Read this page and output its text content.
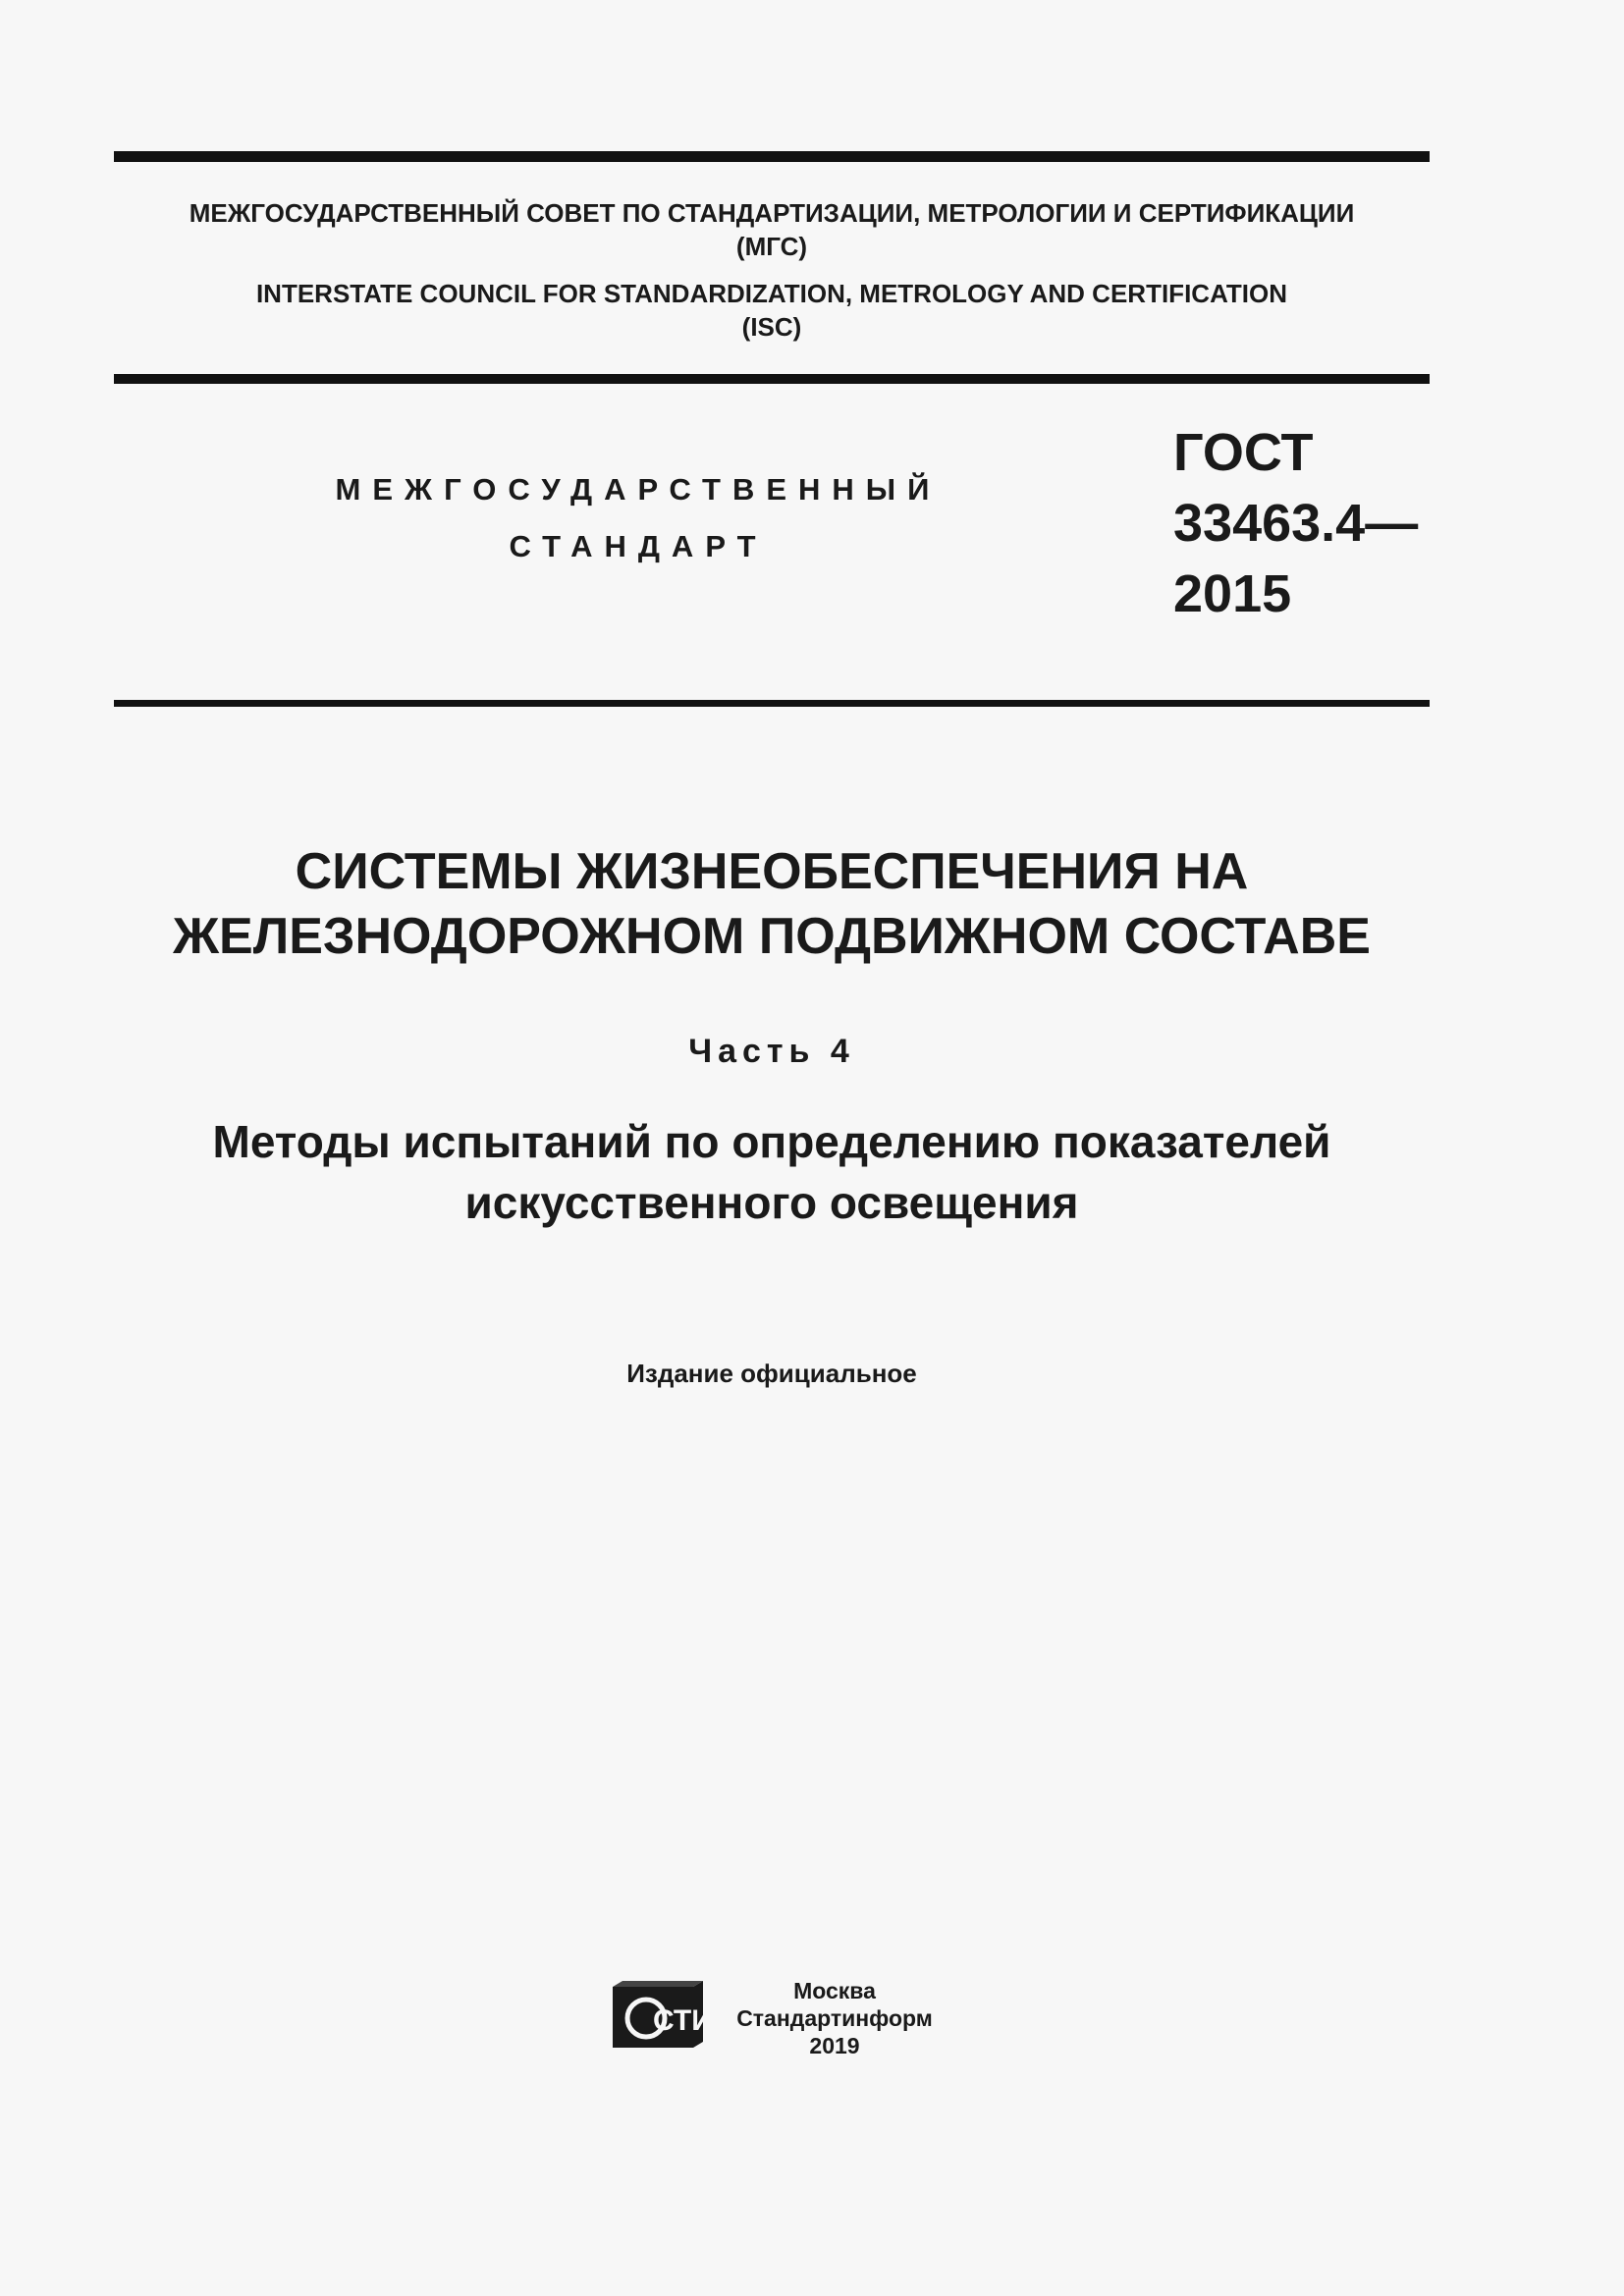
МЕЖГОСУДАРСТВЕННЫЙ СОВЕТ ПО СТАНДАРТИЗАЦИИ, МЕТРОЛОГИИ И СЕРТИФИКАЦИИ
(МГС)
INTERSTATE COUNCIL FOR STANDARDIZATION, METROLOGY AND CERTIFICATION
(ISC)
МЕЖГОСУДАРСТВЕННЫЙ
СТАНДАРТ
ГОСТ
33463.4—
2015
СИСТЕМЫ ЖИЗНЕОБЕСПЕЧЕНИЯ НА
ЖЕЛЕЗНОДОРОЖНОМ ПОДВИЖНОМ СОСТАВЕ
Часть 4
Методы испытаний по определению показателей
искусственного освещения
Издание официальное
СТИ
Москва
Стандартинформ
2019
